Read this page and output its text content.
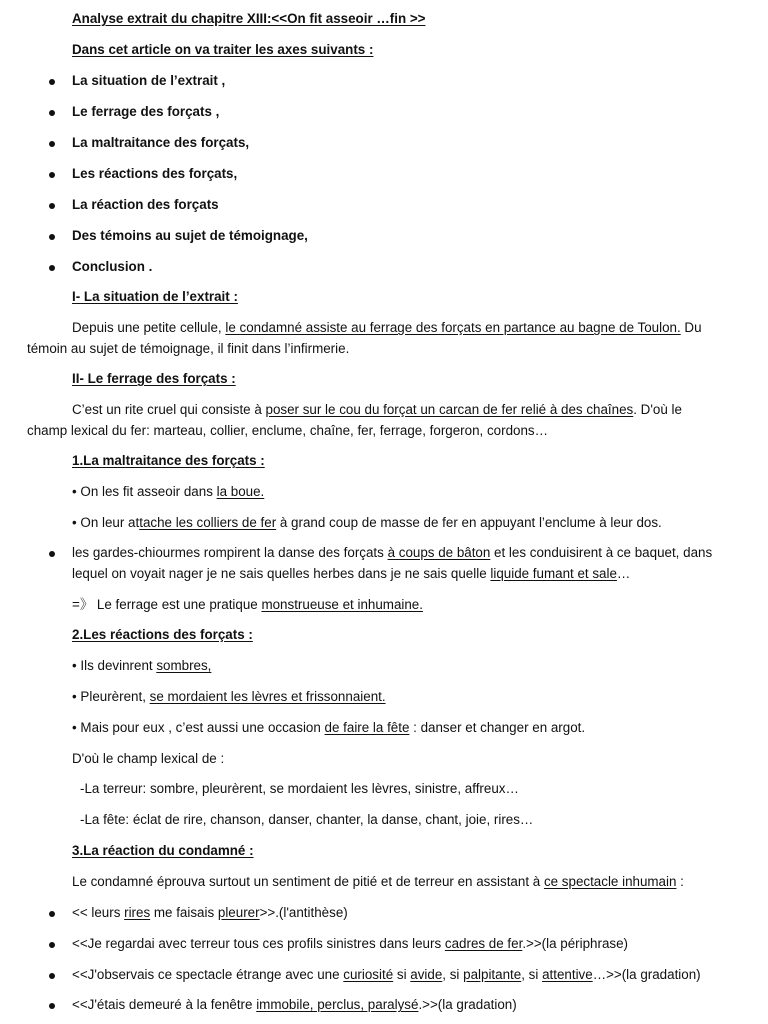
Analyse extrait du chapitre XIII:<<On fit asseoir …fin >>
Dans cet article on va traiter les axes suivants :
La situation de l’extrait ,
Le ferrage des forçats ,
La maltraitance des forçats,
Les réactions des forçats,
La réaction des forçats
Des témoins au sujet de témoignage,
Conclusion .
I- La situation de l’extrait :
Depuis une petite cellule, le condamné assiste au ferrage des forçats en partance au bagne de Toulon. Du
témoin au sujet de témoignage, il finit dans l’infirmerie.
II- Le ferrage des forçats :
C’est un rite cruel qui consiste à poser sur le cou du forçat un carcan de fer relié à des chaînes. D'où le
champ lexical du fer: marteau, collier, enclume, chaîne, fer, ferrage, forgeron, cordons…
1.La maltraitance des forçats :
• On les fit asseoir dans la boue.
• On leur attache les colliers de fer à grand coup de masse de fer en appuyant l’enclume à leur dos.
les gardes-chiourmes rompirent la danse des forçats à coups de bâton et les conduisirent à ce baquet, dans
lequel on voyait nager je ne sais quelles herbes dans je ne sais quelle liquide fumant et sale…
=》 Le ferrage est une pratique monstrueuse et inhumaine.
2.Les réactions des forçats :
• Ils devinrent sombres,
• Pleurèrent, se mordaient les lèvres et frissonnaient.
• Mais pour eux , c’est aussi une occasion de faire la fête : danser et changer en argot.
D'où le champ lexical de :
-La terreur: sombre, pleurèrent, se mordaient les lèvres, sinistre, affreux…
-La fête: éclat de rire, chanson, danser, chanter, la danse, chant, joie, rires…
3.La réaction du condamné :
Le condamné éprouva surtout un sentiment de pitié et de terreur en assistant à ce spectacle inhumain :
<< leurs rires me faisais pleurer>>.(l'antithèse)
<<Je regardai avec terreur tous ces profils sinistres dans leurs cadres de fer.>>(la périphrase)
<<J'observais ce spectacle étrange avec une curiosité si avide, si palpitante, si attentive…>>(la gradation)
<<J'étais demeuré à la fenêtre immobile, perclus, paralysé.>>(la gradation)
